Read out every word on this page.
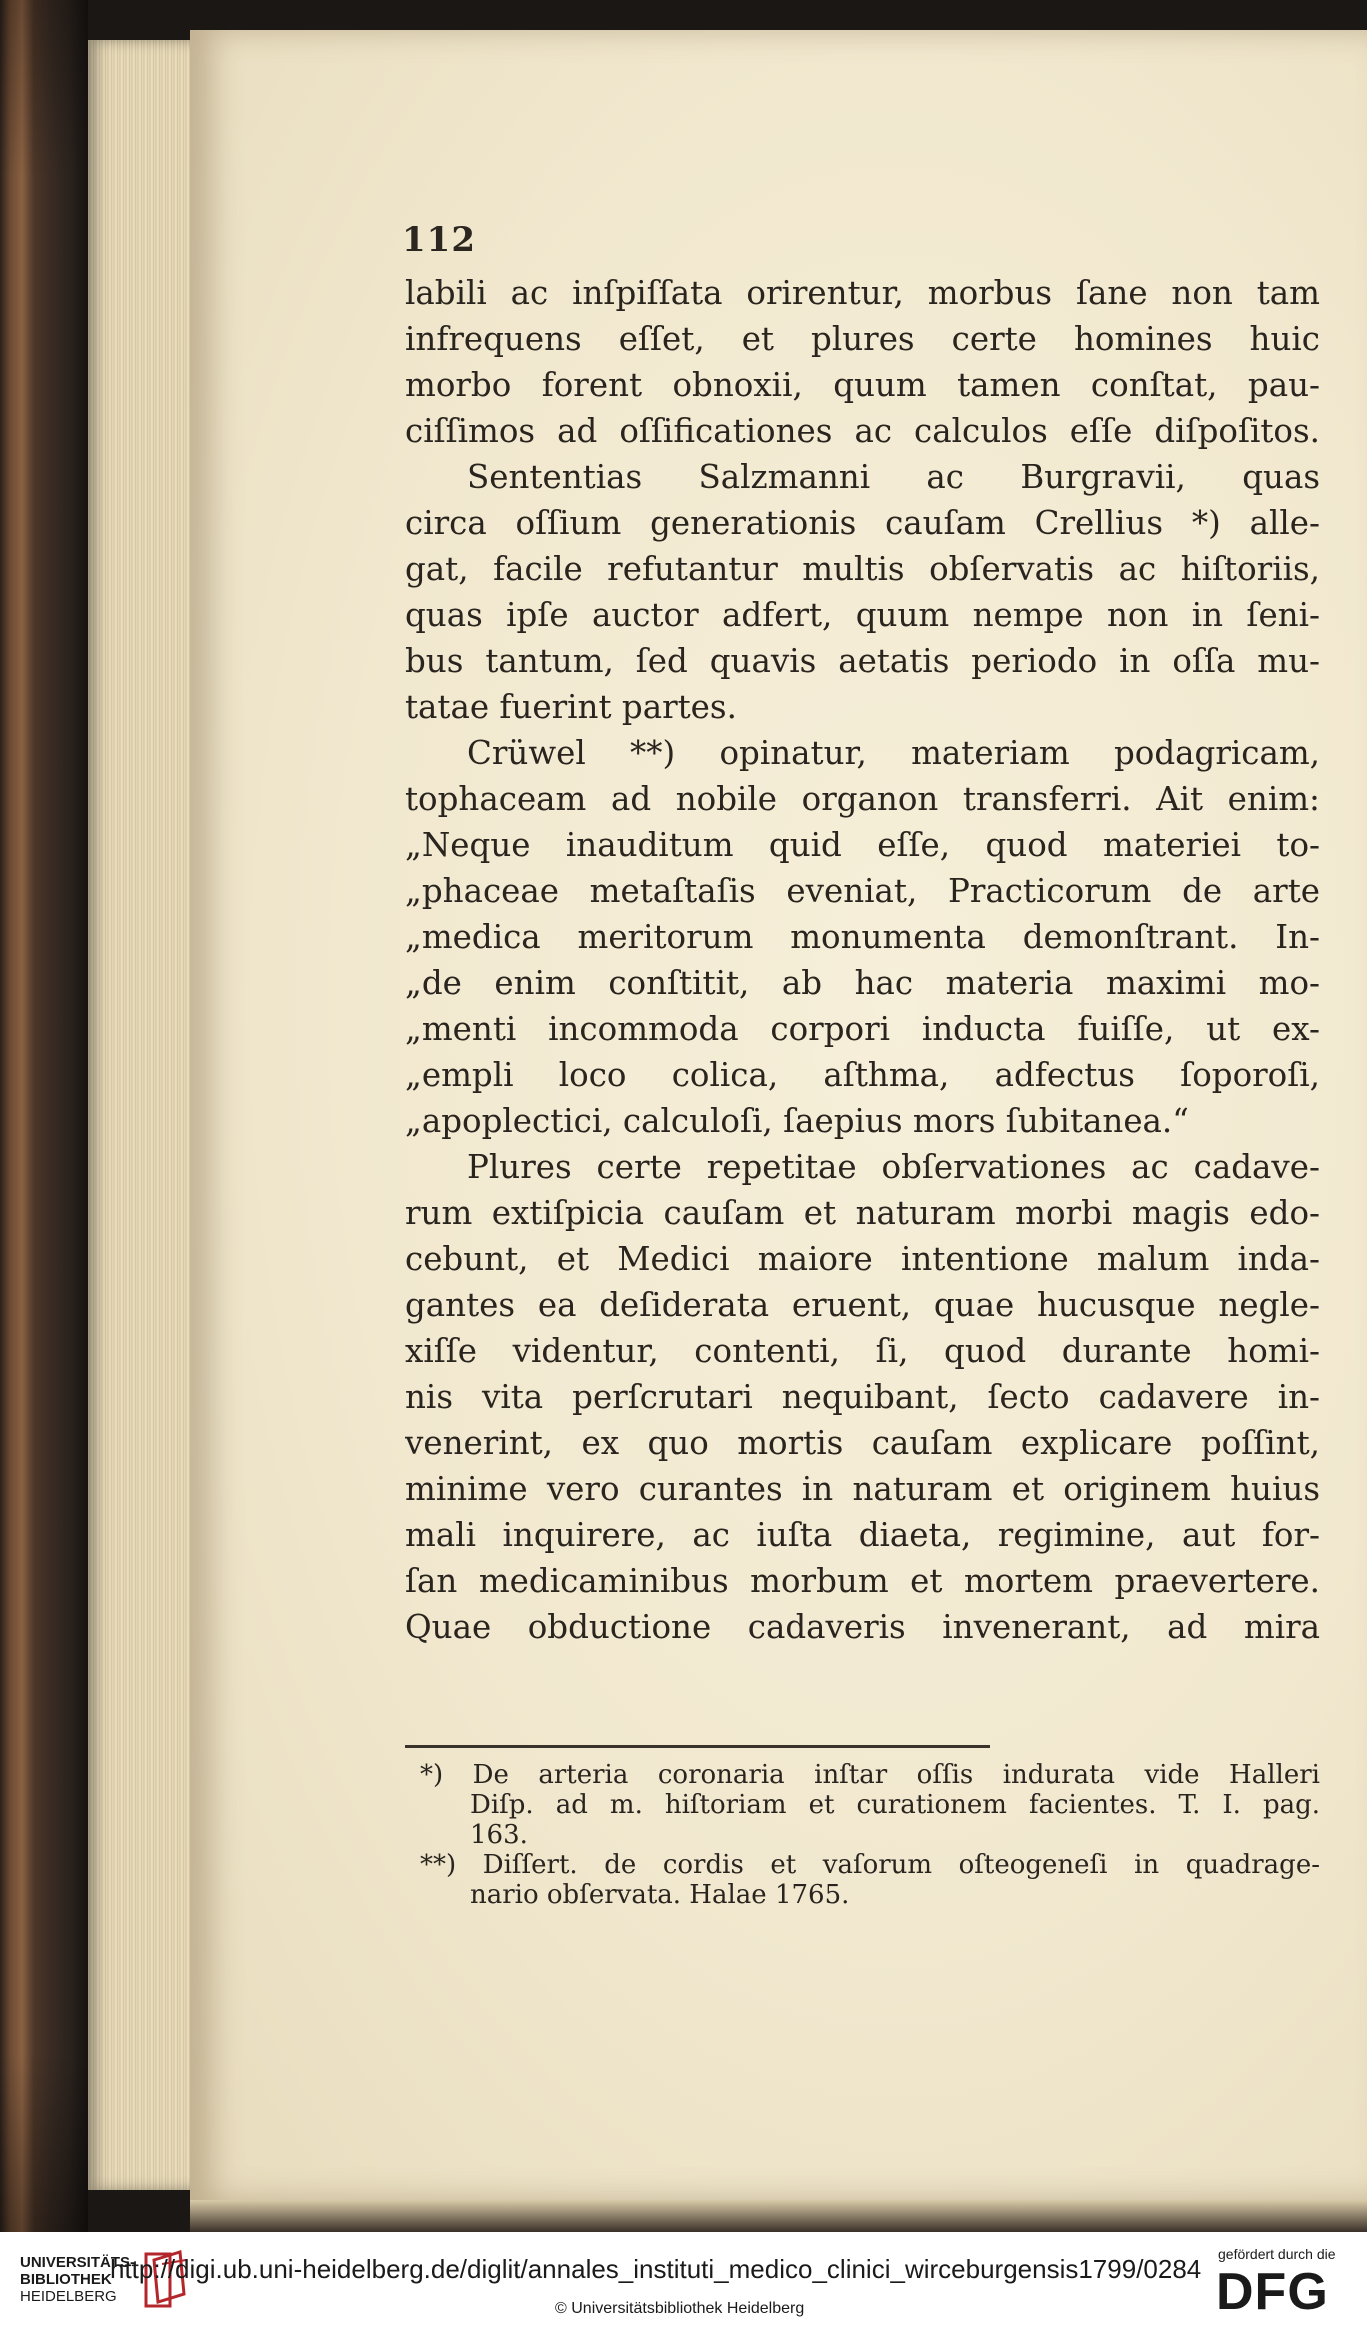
112
labili ac inſpiſſata orirentur, morbus ſane non tam
infrequens eſſet, et plures certe homines huic
morbo forent obnoxii, quum tamen conſtat, pau-
ciſſimos ad oſſificationes ac calculos eſſe diſpoſitos.
Sententias Salzmanni ac Burgravii, quas
circa oſſium generationis cauſam Crellius *) alle-
gat, facile refutantur multis obſervatis ac hiſtoriis,
quas ipſe auctor adfert, quum nempe non in ſeni-
bus tantum, ſed quavis aetatis periodo in oſſa mu-
tatae fuerint partes.
Crüwel **) opinatur, materiam podagricam,
tophaceam ad nobile organon transferri. Ait enim:
„Neque inauditum quid eſſe, quod materiei to-
„phaceae metaſtaſis eveniat, Practicorum de arte
„medica meritorum monumenta demonſtrant. In-
„de enim conſtitit, ab hac materia maximi mo-
„menti incommoda corpori inducta fuiſſe, ut ex-
„empli loco colica, aſthma, adfectus ſoporoſi,
„apoplectici, calculoſi, ſaepius mors ſubitanea.“
Plures certe repetitae obſervationes ac cadave-
rum extiſpicia cauſam et naturam morbi magis edo-
cebunt, et Medici maiore intentione malum inda-
gantes ea deſiderata eruent, quae hucusque negle-
xiſſe videntur, contenti, ſi, quod durante homi-
nis vita perſcrutari nequibant, ſecto cadavere in-
venerint, ex quo mortis cauſam explicare poſſint,
minime vero curantes in naturam et originem huius
mali inquirere, ac iuſta diaeta, regimine, aut for-
ſan medicaminibus morbum et mortem praevertere.
Quae obductione cadaveris invenerant, ad mira
*) De arteria coronaria inſtar oſſis indurata vide Halleri
Diſp. ad m. hiſtoriam et curationem facientes. T. I. pag.
163.
**) Diſſert. de cordis et vaſorum oſteogeneſi in quadrage-
nario obſervata. Halae 1765.
UNIVERSITÄTS-
BIBLIOTHEK
HEIDELBERG
http://digi.ub.uni-heidelberg.de/diglit/annales_instituti_medico_clinici_wirceburgensis1799/0284
© Universitätsbibliothek Heidelberg
gefördert durch die
DFG
